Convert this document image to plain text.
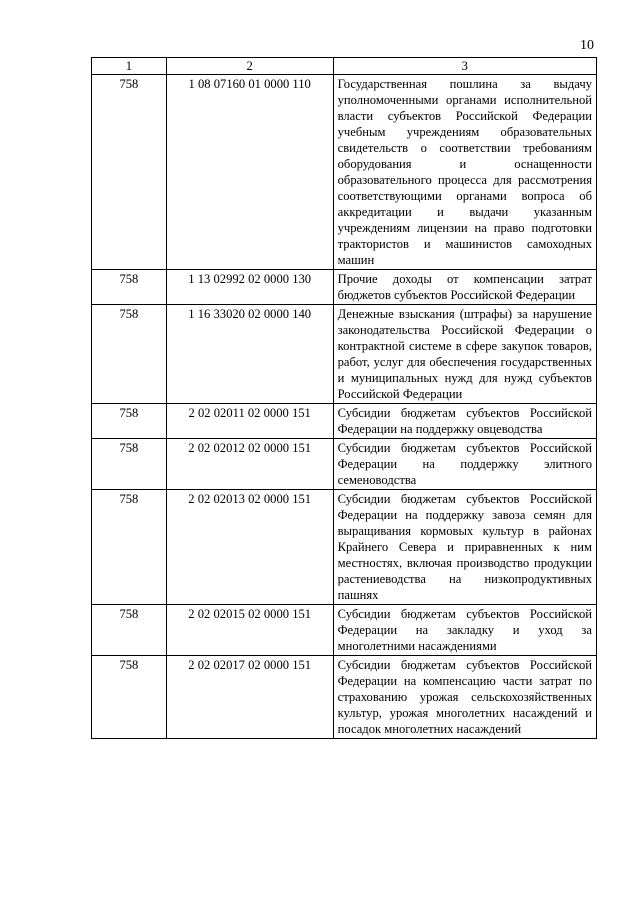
10
1	2	3
758	1 08 07160 01 0000 110	Государственная пошлина за выдачу уполномоченными органами исполнительной власти субъектов Российской Федерации учебным учреждениям образовательных свидетельств о соответствии требованиям оборудования и оснащенности образовательного процесса для рассмотрения соответствующими органами вопроса об аккредитации и выдачи указанным учреждениям лицензии на право подготовки трактористов и машинистов самоходных машин
758	1 13 02992 02 0000 130	Прочие доходы от компенсации затрат бюджетов субъектов Российской Федерации
758	1 16 33020 02 0000 140	Денежные взыскания (штрафы) за нарушение законодательства Российской Федерации о контрактной системе в сфере закупок товаров, работ, услуг для обеспечения государственных и муниципальных нужд для нужд субъектов Российской Федерации
758	2 02 02011 02 0000 151	Субсидии бюджетам субъектов Российской Федерации на поддержку овцеводства
758	2 02 02012 02 0000 151	Субсидии бюджетам субъектов Российской Федерации на поддержку элитного семеноводства
758	2 02 02013 02 0000 151	Субсидии бюджетам субъектов Российской Федерации на поддержку завоза семян для выращивания кормовых культур в районах Крайнего Севера и приравненных к ним местностях, включая производство продукции растениеводства на низкопродуктивных пашнях
758	2 02 02015 02 0000 151	Субсидии бюджетам субъектов Российской Федерации на закладку и уход за многолетними насаждениями
758	2 02 02017 02 0000 151	Субсидии бюджетам субъектов Российской Федерации на компенсацию части затрат по страхованию урожая сельскохозяйственных культур, урожая многолетних насаждений и посадок многолетних насаждений
